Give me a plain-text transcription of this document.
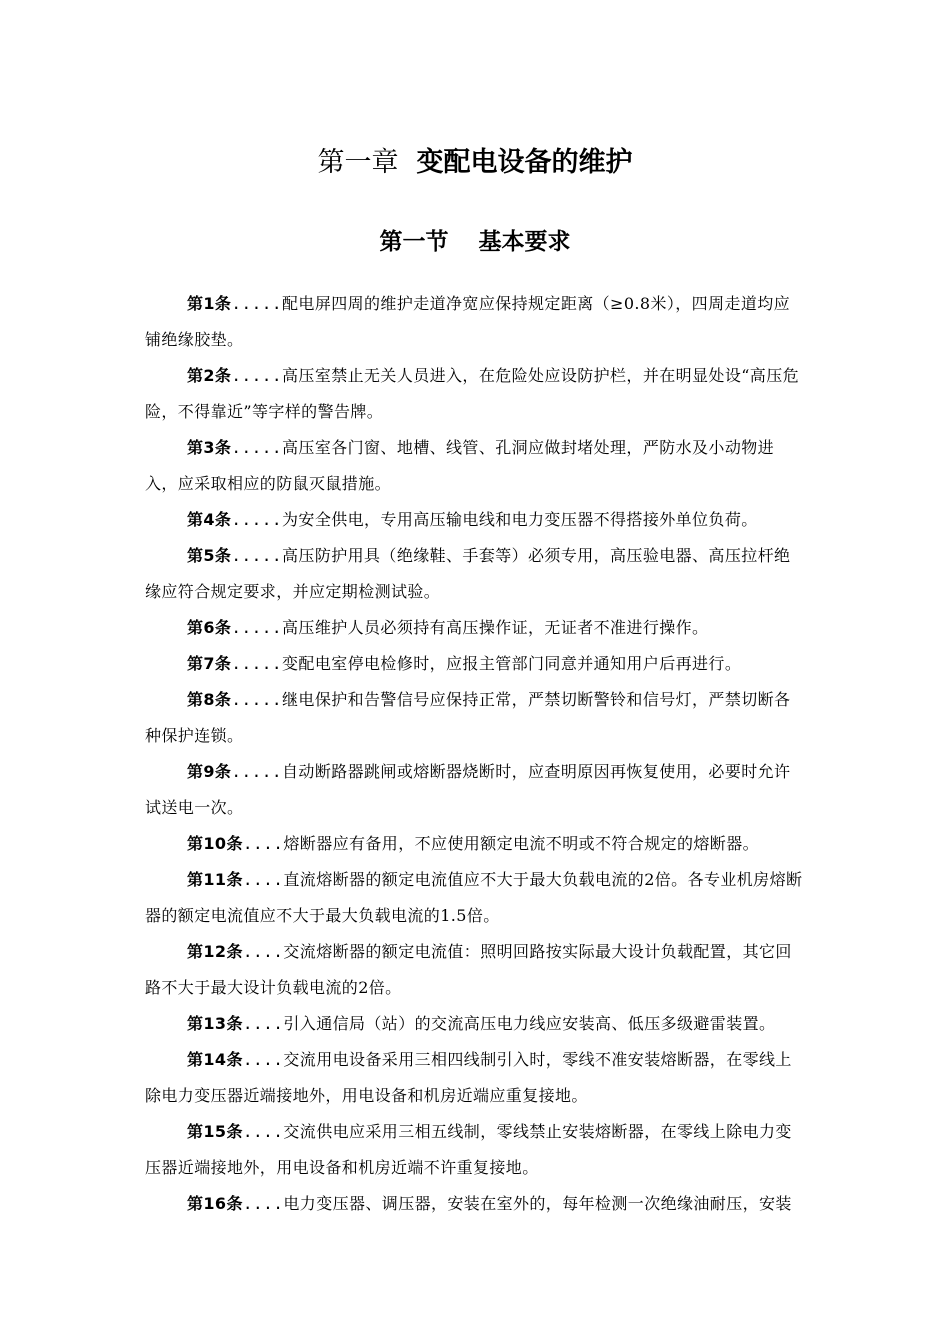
第一章 变配电设备的维护
第一节 基本要求

第1条.....配电屏四周的维护走道净宽应保持规定距离（≥0.8米），四周走道均应铺绝缘胶垫。

第2条.....高压室禁止无关人员进入，在危险处应设防护栏，并在明显处设“高压危险，不得靠近”等字样的警告牌。

第3条.....高压室各门窗、地槽、线管、孔洞应做封堵处理，严防水及小动物进入，应采取相应的防鼠灭鼠措施。

第4条.....为安全供电，专用高压输电线和电力变压器不得搭接外单位负荷。

第5条.....高压防护用具（绝缘鞋、手套等）必须专用，高压验电器、高压拉杆绝缘应符合规定要求，并应定期检测试验。

第6条.....高压维护人员必须持有高压操作证，无证者不准进行操作。

第7条.....变配电室停电检修时，应报主管部门同意并通知用户后再进行。

第8条.....继电保护和告警信号应保持正常，严禁切断警铃和信号灯，严禁切断各种保护连锁。

第9条.....自动断路器跳闸或熔断器烧断时，应查明原因再恢复使用，必要时允许试送电一次。

第10条....熔断器应有备用，不应使用额定电流不明或不符合规定的熔断器。

第11条....直流熔断器的额定电流值应不大于最大负载电流的2倍。各专业机房熔断器的额定电流值应不大于最大负载电流的1.5倍。

第12条....交流熔断器的额定电流值：照明回路按实际最大设计负载配置，其它回路不大于最大设计负载电流的2倍。

第13条....引入通信局（站）的交流高压电力线应安装高、低压多级避雷装置。

第14条....交流用电设备采用三相四线制引入时，零线不准安装熔断器，在零线上除电力变压器近端接地外，用电设备和机房近端应重复接地。

第15条....交流供电应采用三相五线制，零线禁止安装熔断器，在零线上除电力变压器近端接地外，用电设备和机房近端不许重复接地。

第16条....电力变压器、调压器，安装在室外的，每年检测一次绝缘油耐压，安装
